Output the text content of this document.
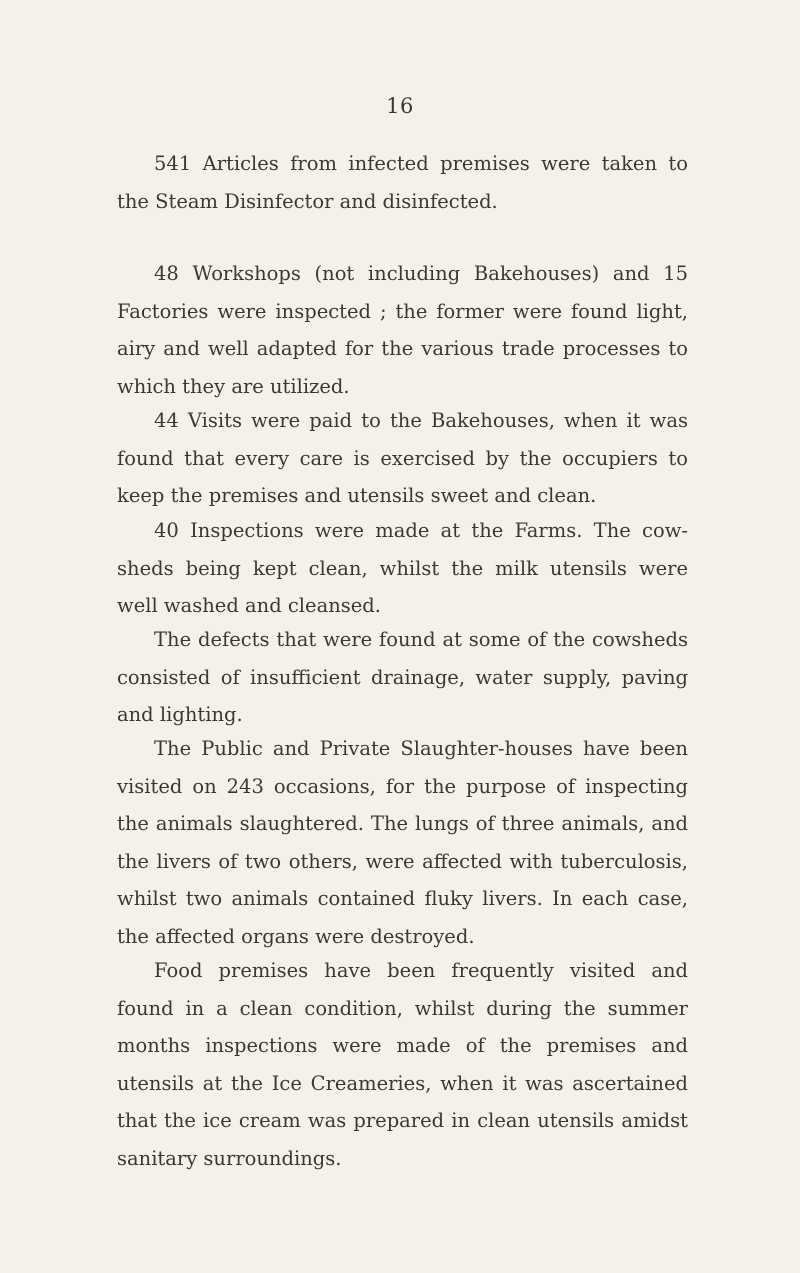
16

541 Articles from infected premises were taken to the Steam Disinfector and disinfected.

48 Workshops (not including Bakehouses) and 15 Factories were inspected ; the former were found light, airy and well adapted for the various trade processes to which they are utilized.

44 Visits were paid to the Bakehouses, when it was found that every care is exercised by the occupiers to keep the premises and utensils sweet and clean.

40 Inspections were made at the Farms. The cow-sheds being kept clean, whilst the milk utensils were well washed and cleansed.

The defects that were found at some of the cowsheds consisted of insufficient drainage, water supply, paving and lighting.

The Public and Private Slaughter-houses have been visited on 243 occasions, for the purpose of inspecting the animals slaughtered. The lungs of three animals, and the livers of two others, were affected with tuberculosis, whilst two animals contained fluky livers. In each case, the affected organs were destroyed.

Food premises have been frequently visited and found in a clean condition, whilst during the summer months inspections were made of the premises and utensils at the Ice Creameries, when it was ascertained that the ice cream was prepared in clean utensils amidst sanitary surroundings.
